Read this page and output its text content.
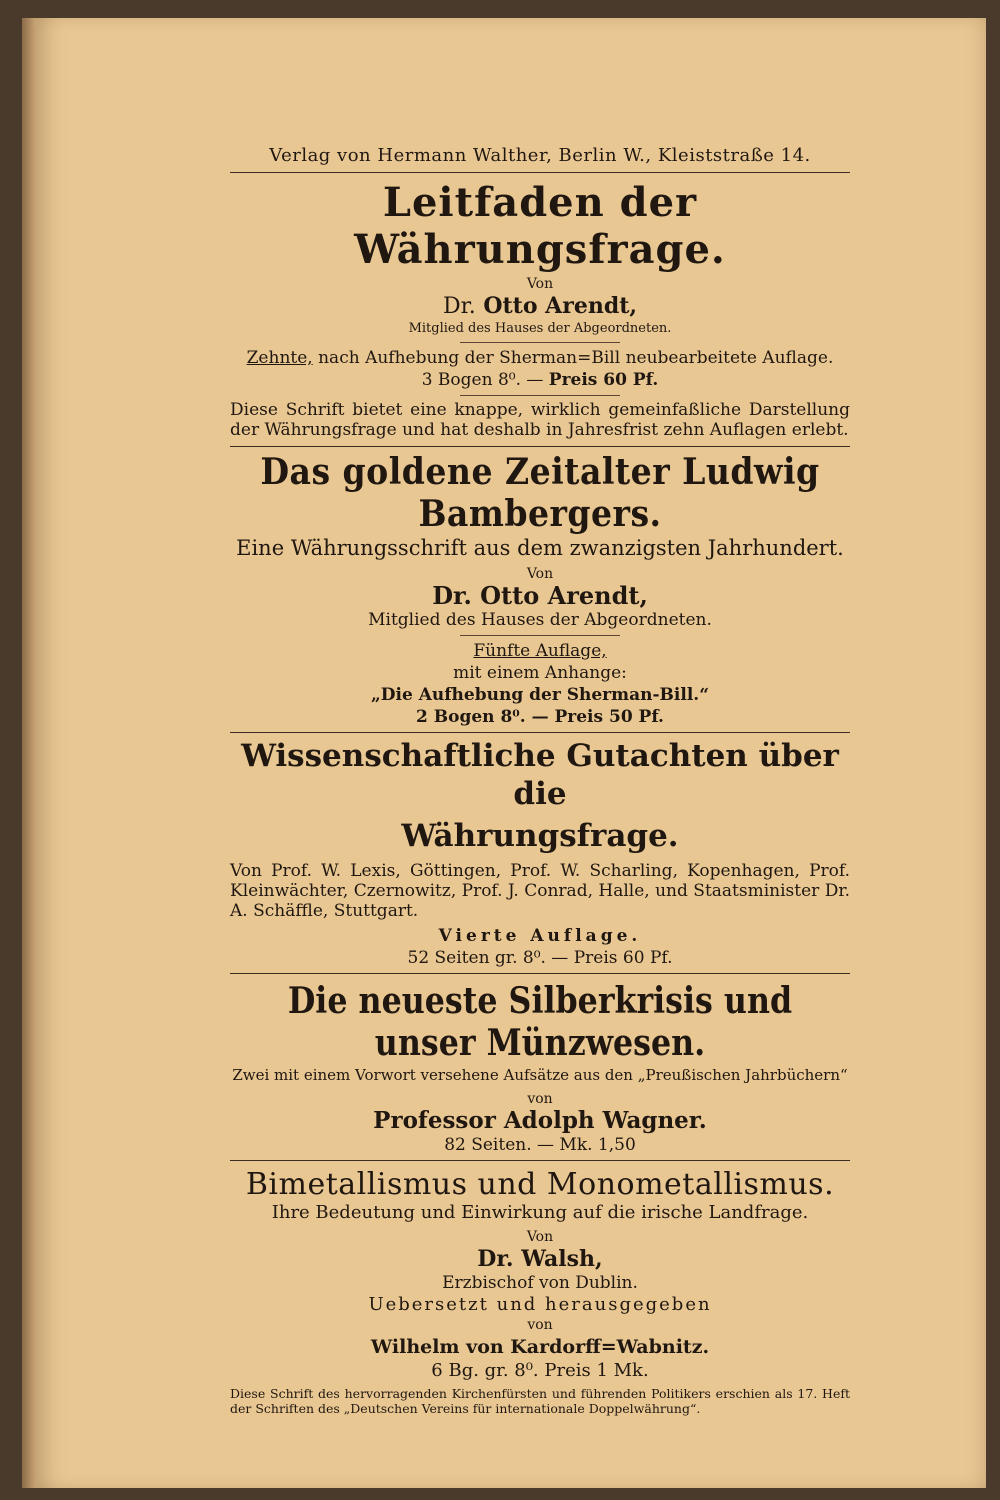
Verlag von Hermann Walther, Berlin W., Kleiststraße 14.
Leitfaden der Währungsfrage.
Von
Dr. Otto Arendt,
Mitglied des Hauses der Abgeordneten.
Zehnte, nach Aufhebung der Sherman=Bill neubearbeitete Auflage.
3 Bogen 8⁰. — Preis 60 Pf.
Diese Schrift bietet eine knappe, wirklich gemeinfaßliche Darstellung der Währungsfrage und hat deshalb in Jahresfrist zehn Auflagen erlebt.
Das goldene Zeitalter Ludwig Bambergers.
Eine Währungsschrift aus dem zwanzigsten Jahrhundert.
Von
Dr. Otto Arendt,
Mitglied des Hauses der Abgeordneten.
Fünfte Auflage,
mit einem Anhange:
„Die Aufhebung der Sherman-Bill.“
2 Bogen 8⁰. — Preis 50 Pf.
Wissenschaftliche Gutachten über die
Währungsfrage.
Von Prof. W. Lexis, Göttingen, Prof. W. Scharling, Kopenhagen, Prof. Kleinwächter, Czernowitz, Prof. J. Conrad, Halle, und Staatsminister Dr. A. Schäffle, Stuttgart.
Vierte Auflage.
52 Seiten gr. 8⁰. — Preis 60 Pf.
Die neueste Silberkrisis und unser Münzwesen.
Zwei mit einem Vorwort versehene Aufsätze aus den „Preußischen Jahrbüchern“
von
Professor Adolph Wagner.
82 Seiten. — Mk. 1,50
Bimetallismus und Monometallismus.
Ihre Bedeutung und Einwirkung auf die irische Landfrage.
Von
Dr. Walsh,
Erzbischof von Dublin.
Uebersetzt und herausgegeben
von
Wilhelm von Kardorff=Wabnitz.
6 Bg. gr. 8⁰. Preis 1 Mk.
Diese Schrift des hervorragenden Kirchenfürsten und führenden Politikers erschien als 17. Heft der Schriften des „Deutschen Vereins für internationale Doppelwährung“.
